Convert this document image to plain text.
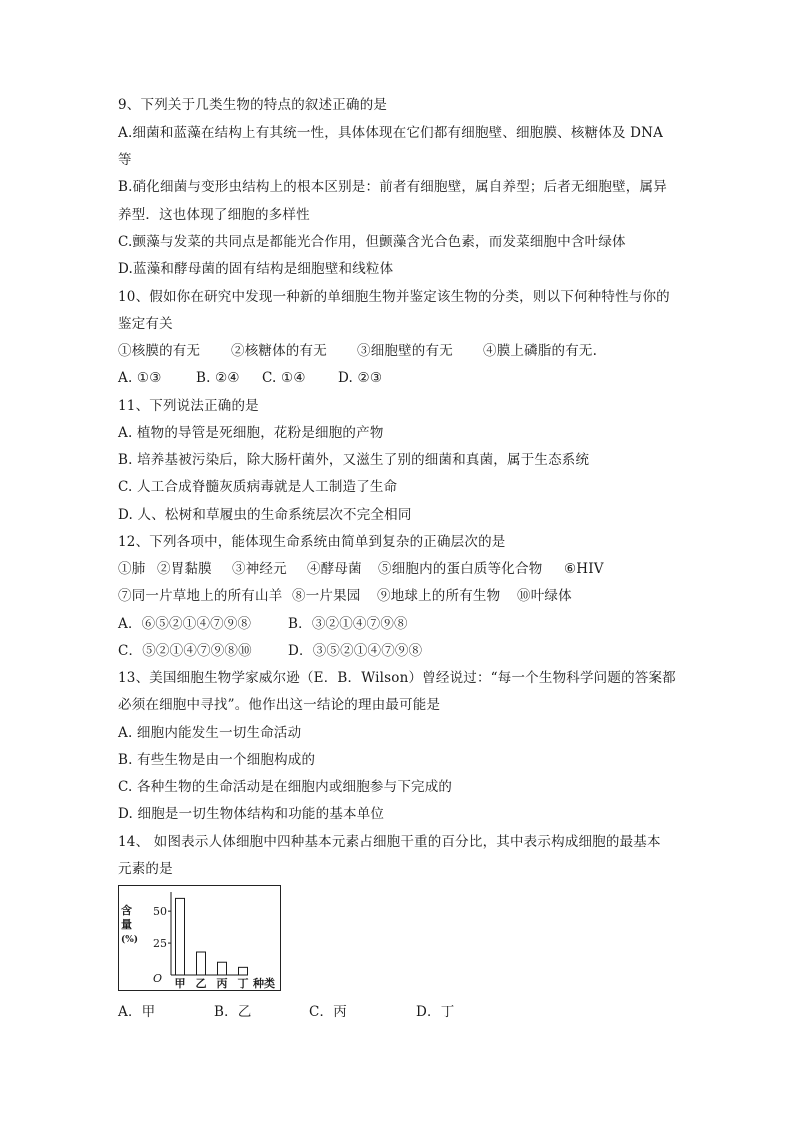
9、下列关于几类生物的特点的叙述正确的是
A.细菌和蓝藻在结构上有其统一性，具体体现在它们都有细胞壁、细胞膜、核糖体及 DNA
等
B.硝化细菌与变形虫结构上的根本区别是：前者有细胞壁，属自养型；后者无细胞壁，属异
养型．这也体现了细胞的多样性
C.颤藻与发菜的共同点是都能光合作用，但颤藻含光合色素，而发菜细胞中含叶绿体
D.蓝藻和酵母菌的固有结构是细胞壁和线粒体
10、假如你在研究中发现一种新的单细胞生物并鉴定该生物的分类，则以下何种特性与你的
鉴定有关
①核膜的有无 ②核糖体的有无 ③细胞壁的有无 ④膜上磷脂的有无.
A. ①③	B. ②④ C. ①④ D. ②③
11、下列说法正确的是
A. 植物的导管是死细胞，花粉是细胞的产物
B. 培养基被污染后，除大肠杆菌外，又滋生了别的细菌和真菌，属于生态系统
C. 人工合成脊髓灰质病毒就是人工制造了生命
D. 人、松树和草履虫的生命系统层次不完全相同
12、下列各项中，能体现生命系统由简单到复杂的正确层次的是
①肺 ②胃黏膜 ③神经元 ④酵母菌 ⑤细胞内的蛋白质等化合物 ⑥HIV
⑦同一片草地上的所有山羊 ⑧一片果园 ⑨地球上的所有生物 ⑩叶绿体
A．⑥⑤②①④⑦⑨⑧	B．③②①④⑦⑨⑧
C．⑤②①④⑦⑨⑧⑩	D．③⑤②①④⑦⑨⑧
13、美国细胞生物学家威尔逊（E．B．Wilson）曾经说过：“每一个生物科学问题的答案都
必须在细胞中寻找”。他作出这一结论的理由最可能是
A. 细胞内能发生一切生命活动
B. 有些生物是由一个细胞构成的
C. 各种生物的生命活动是在细胞内或细胞参与下完成的
D. 细胞是一切生物体结构和功能的基本单位
14、 如图表示人体细胞中四种基本元素占细胞干重的百分比，其中表示构成细胞的最基本
元素的是
含
量
(%)
O	种类
25
50
甲 乙 丙 丁
A．甲	B．乙	C．丙	D．丁
